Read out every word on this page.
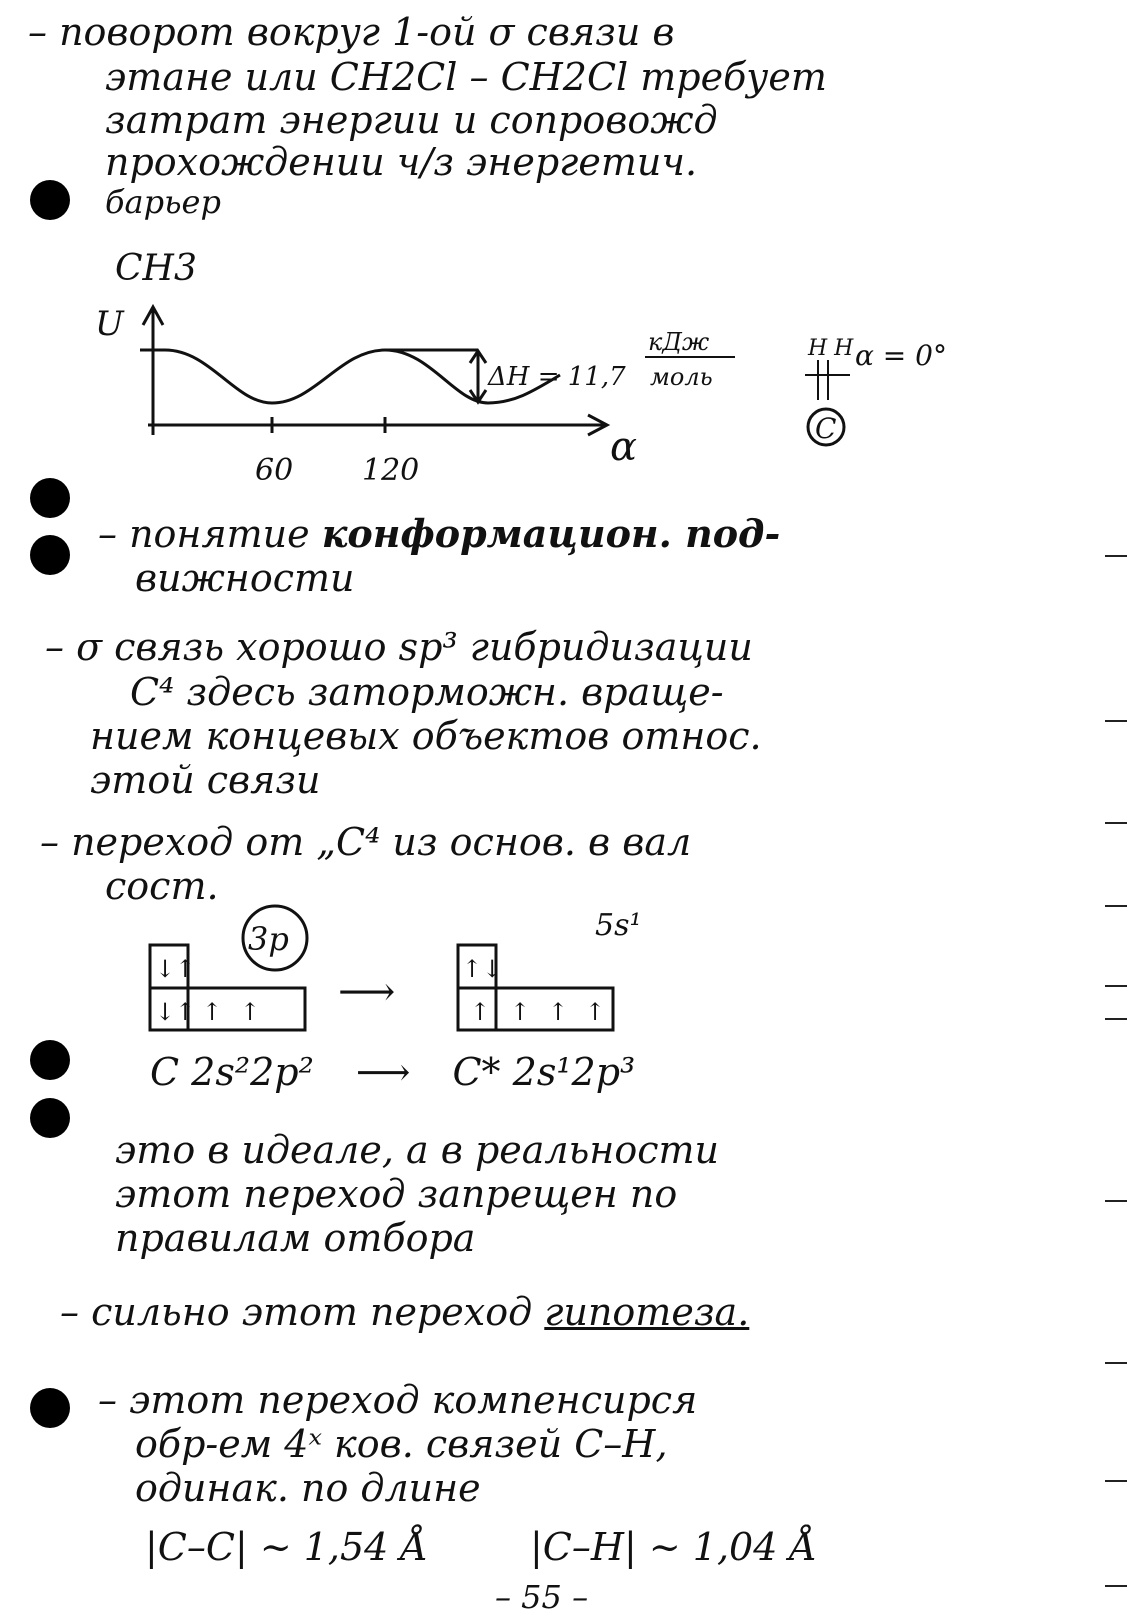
– поворот вокруг 1-ой σ связи в
этане или CH2Cl – CH2Cl требует
затрат энергии и сопровожд
прохождении ч/з энергетич.
барьер
CH3
U
60 120
α
ΔH = 11,7
кДж
моль
H H
C
α = 0°
– понятие конформацион. под-
вижности
– σ связь хорошо sp³ гибридизации
C⁴ здесь заторможн. враще-
нием концевых объектов относ.
этой связи
– переход от „C⁴ из основ. в вал
сост.
3p
↓↑
↓↑ ↑ ↑ ⟶	↑↓
↑ ↑ ↑ ↑
5s¹
C 2s²2p² ⟶ C* 2s¹2p³
это в идеале, а в реальности
этот переход запрещен по
правилам отбора
– сильно этот переход гипотеза.
– этот переход компенсирся
обр-ем 4ˣ ков. связей C–H,
одинак. по длине
|C–C| ~ 1,54 Å	|C–H| ~ 1,04 Å
– 55 –
